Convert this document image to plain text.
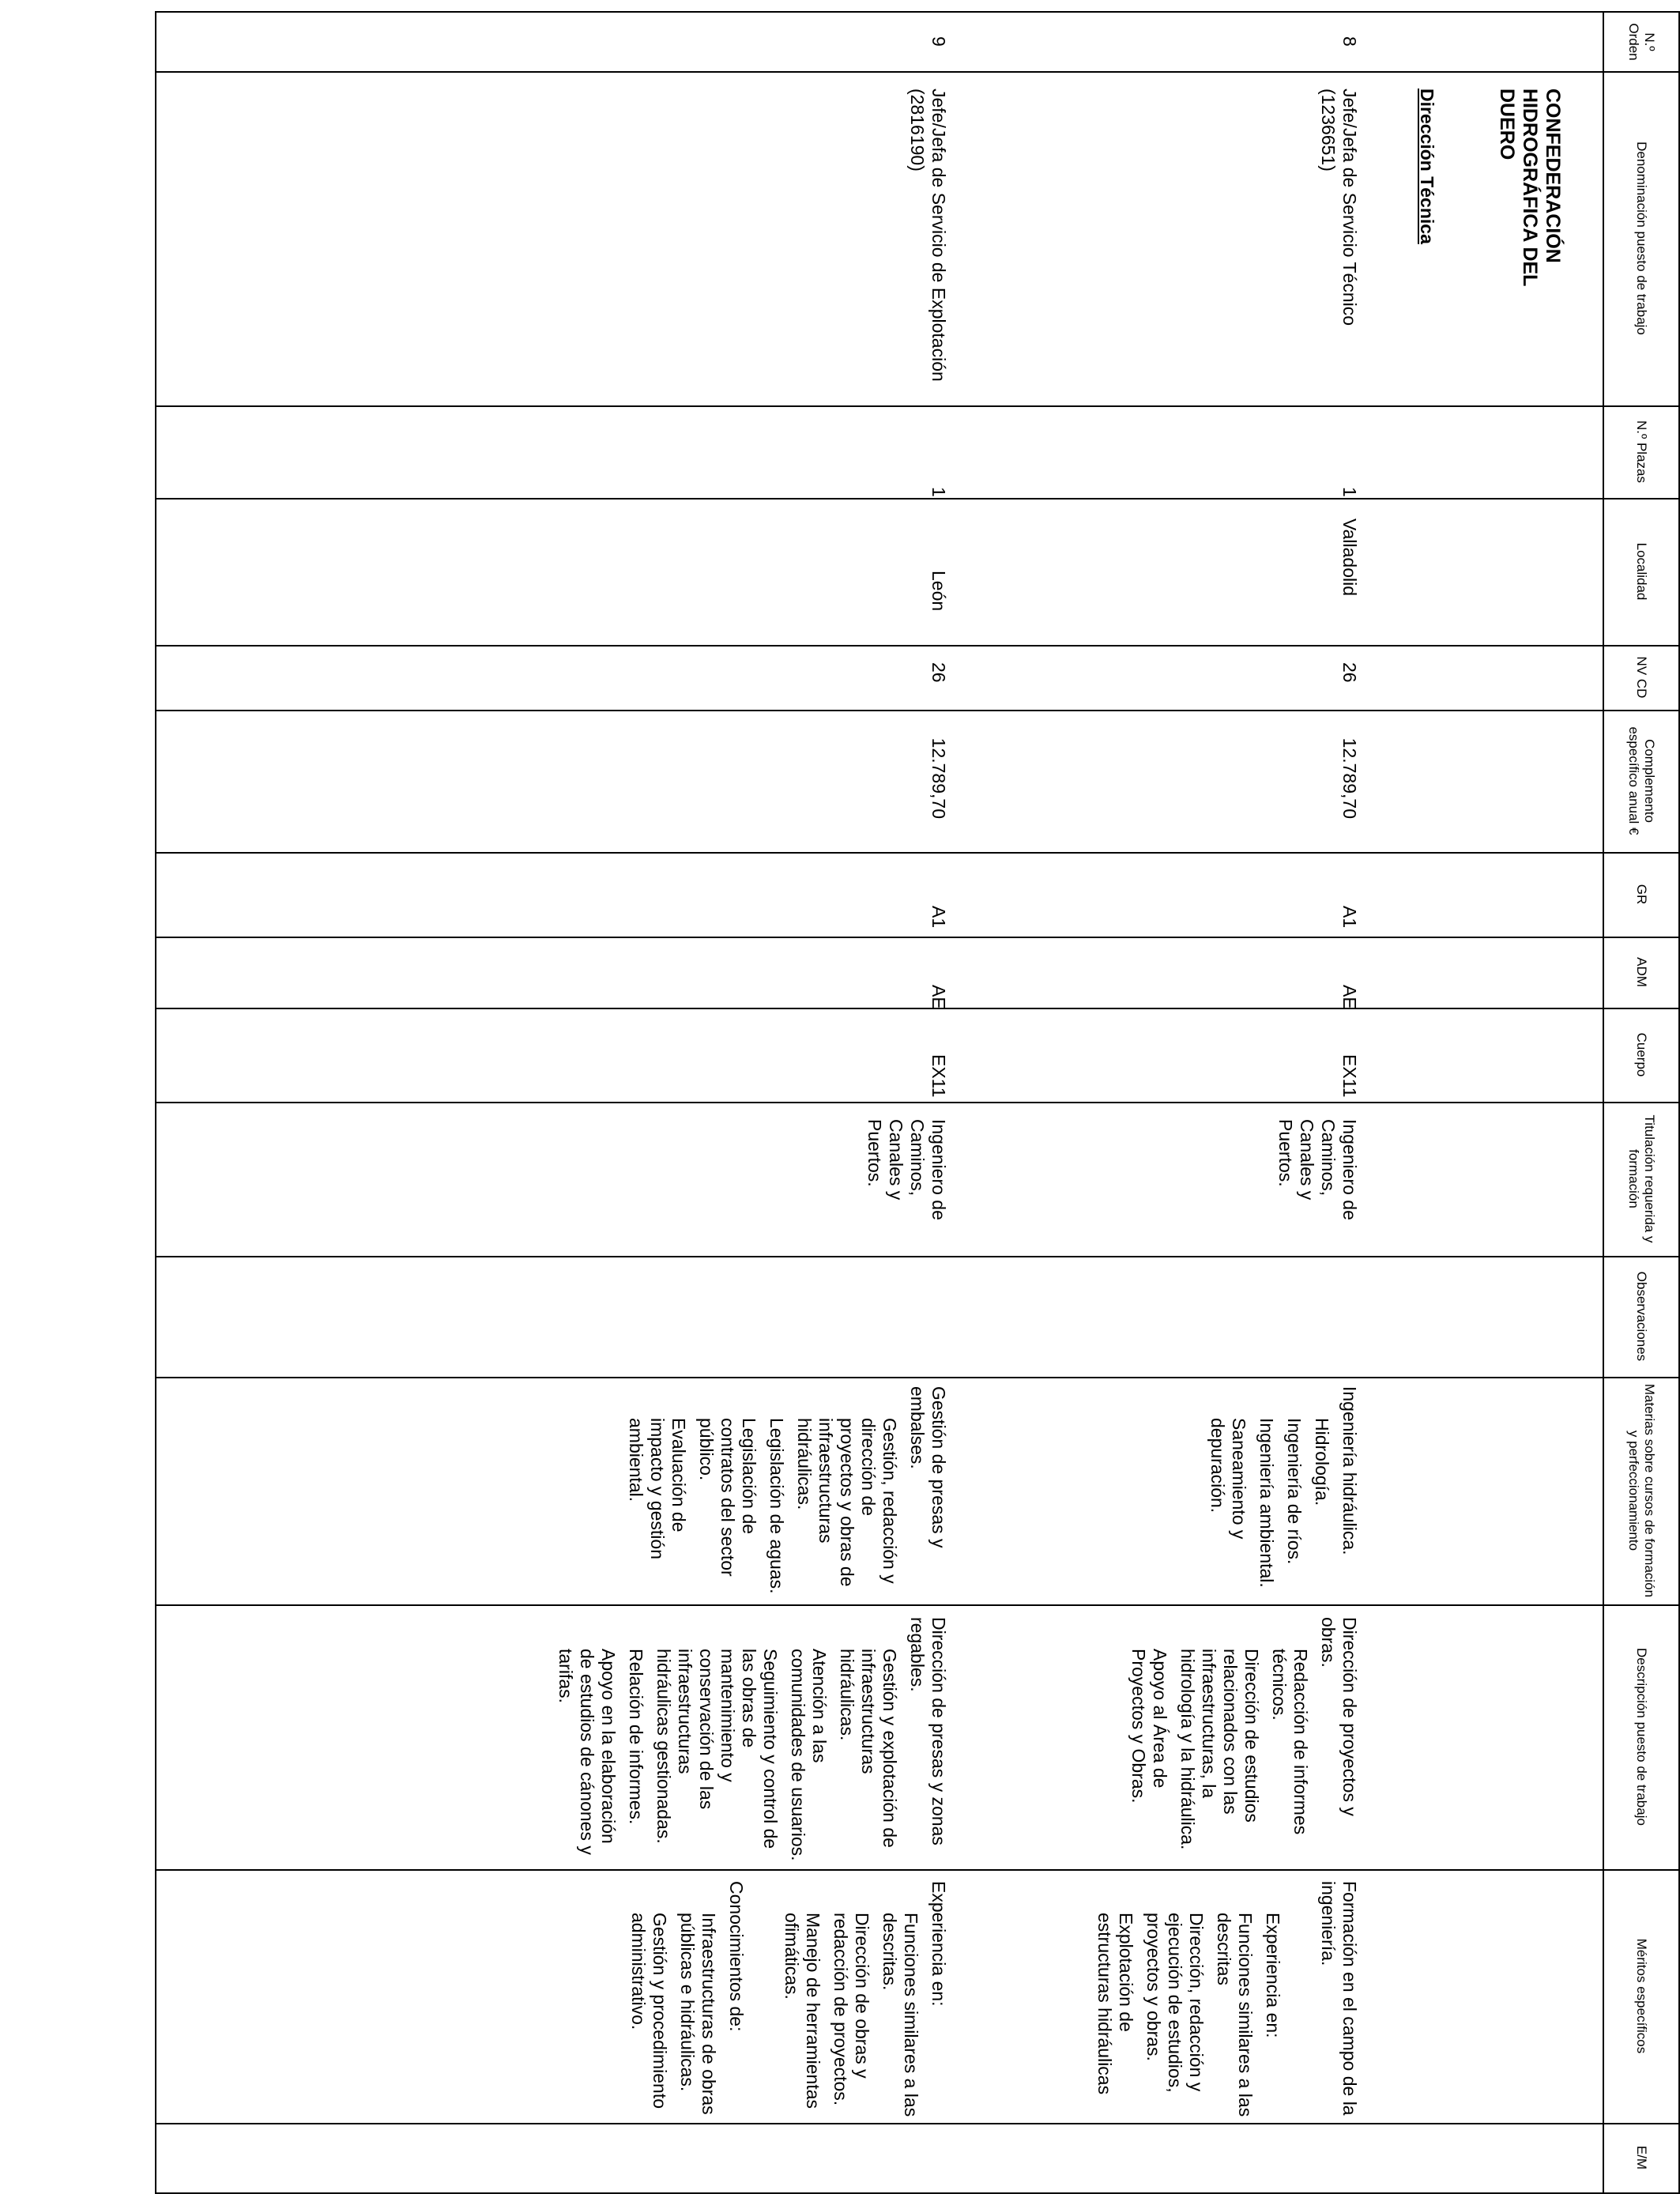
N.º Orden
Denominación puesto de trabajo
N.º Plazas
Localidad
NV CD
Complemento específico anual €
GR
ADM
Cuerpo
Titulación requerida y formación
Observaciones
Materias sobre cursos de formación y perfeccionamiento
Descripción puesto de trabajo
Méritos específicos
E/M
CONFEDERACIÓN HIDROGRÁFICA DEL DUERO
Dirección Técnica
8
Jefe/Jefa de Servicio Técnico (1236651)
1
Valladolid
26
12.789,70
A1
AE
EX11
Ingeniero de Caminos, Canales y Puertos.

Ingeniería hidráulica.

Hidrología.

Ingeniería de ríos.

Ingeniería ambiental.

Saneamiento y depuración.

Dirección de proyectos y obras.

Redacción de informes técnicos.

Dirección de estudios relacionados con las infraestructuras, la hidrología y la hidráulica.

Apoyo al Área de Proyectos y Obras.

Formación en el campo de la ingeniería.

Experiencia en:

Funciones similares a las descritas

Dirección, redacción y ejecución de estudios, proyectos y obras.

Explotación de estructuras hidráulicas

9
Jefe/Jefa de Servicio de Explotación (2816190)
1
León
26
12.789,70
A1
AE
EX11
Ingeniero de Caminos, Canales y Puertos.

Gestión de presas y embalses.

Gestión, redacción y dirección de proyectos y obras de infraestructuras hidráulicas.

Legislación de aguas.

Legislación de contratos del sector público.

Evaluación de impacto y gestión ambiental.

Dirección de presas y zonas regables.

Gestión y explotación de infraestructuras hidráulicas.

Atención a las comunidades de usuarios.

Seguimiento y control de las obras de mantenimiento y conservación de las infraestructuras hidráulicas gestionadas.

Relación de informes.

Apoyo en la elaboración de estudios de cánones y tarifas.

Experiencia en:

Funciones similares a las descritas.

Dirección de obras y redacción de proyectos.

Manejo de herramientas ofimáticas.

Conocimientos de:

Infraestructuras de obras públicas e hidráulicas.

Gestión y procedimiento administrativo.
